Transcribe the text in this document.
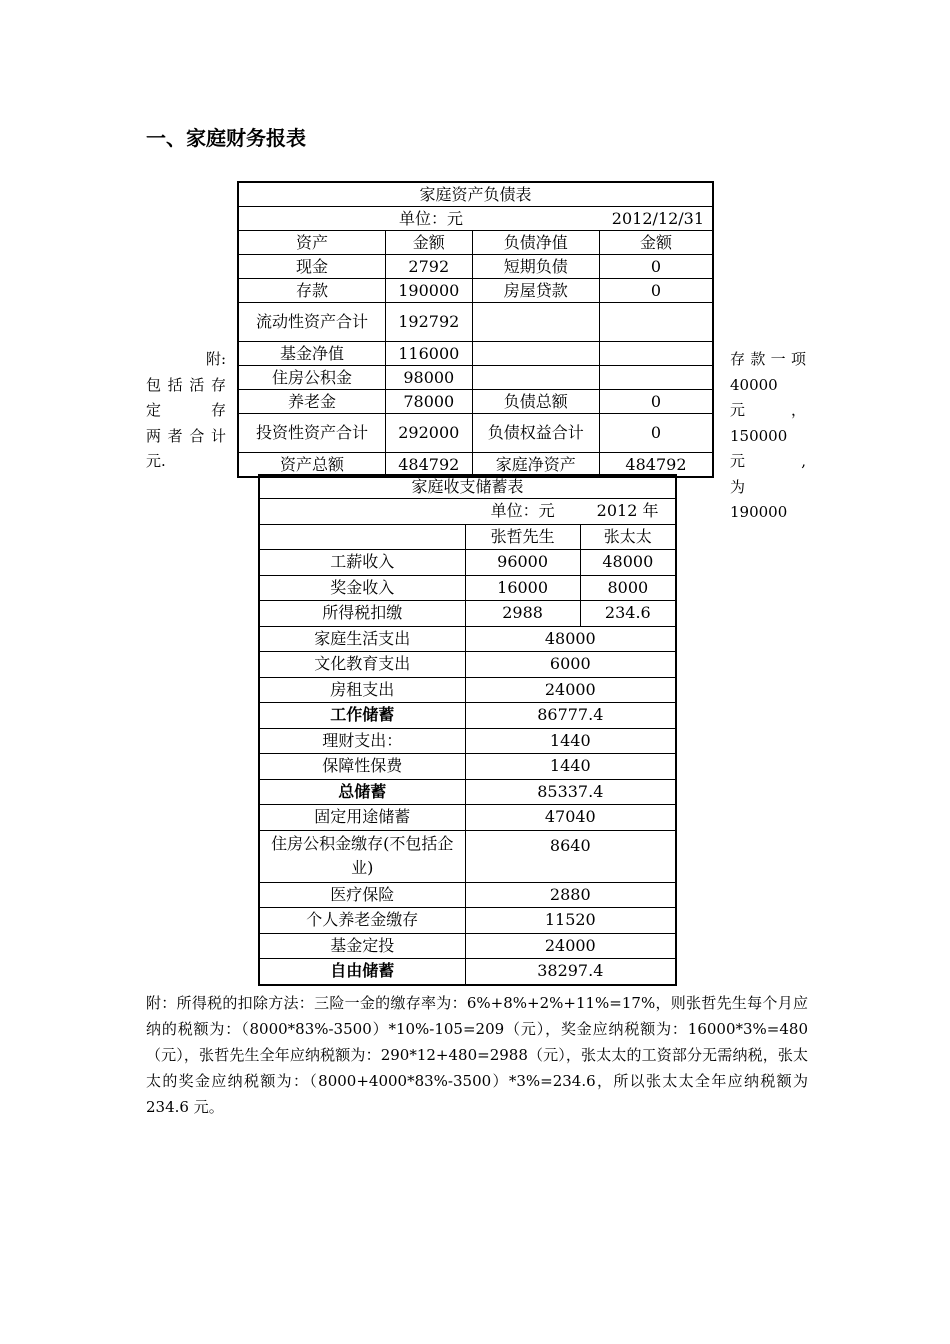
一、家庭财务报表
附:
包括活存
定　　存
两者合计
元.
存款一项
40000 元，
150000 元,
为 190000
家庭资产负债表			

单位：元 2012/12/31			

资产	金额	负债净值	金额
现金	2792	短期负债	0
存款	190000	房屋贷款	0
流动性资产合计	192792		
基金净值	116000		
住房公积金	98000		
养老金	78000	负债总额	0
投资性资产合计	292000	负债权益合计	0
资产总额	484792	家庭净资产	484792
家庭收支储蓄表		
	单位：元	2012 年
	张哲先生	张太太
工薪收入	96000	48000
奖金收入	16000	8000
所得税扣缴	2988	234.6
家庭生活支出	48000	
文化教育支出	6000	
房租支出	24000	
工作储蓄	86777.4	
理财支出：	1440	
保障性保费	1440	
总储蓄	85337.4	
固定用途储蓄	47040	
住房公积金缴存(不包括企业)	8640	
医疗保险	2880	
个人养老金缴存	11520	
基金定投	24000	
自由储蓄	38297.4	
附：所得税的扣除方法：三险一金的缴存率为：6%+8%+2%+11%=17%，则张哲先生每个月应纳的税额为：（8000*83%-3500）*10%-105=209（元），奖金应纳税额为：16000*3%=480（元），张哲先生全年应纳税额为：290*12+480=2988（元），张太太的工资部分无需纳税，张太太的奖金应纳税额为：（8000+4000*83%-3500）*3%=234.6，所以张太太全年应纳税额为 234.6 元。
